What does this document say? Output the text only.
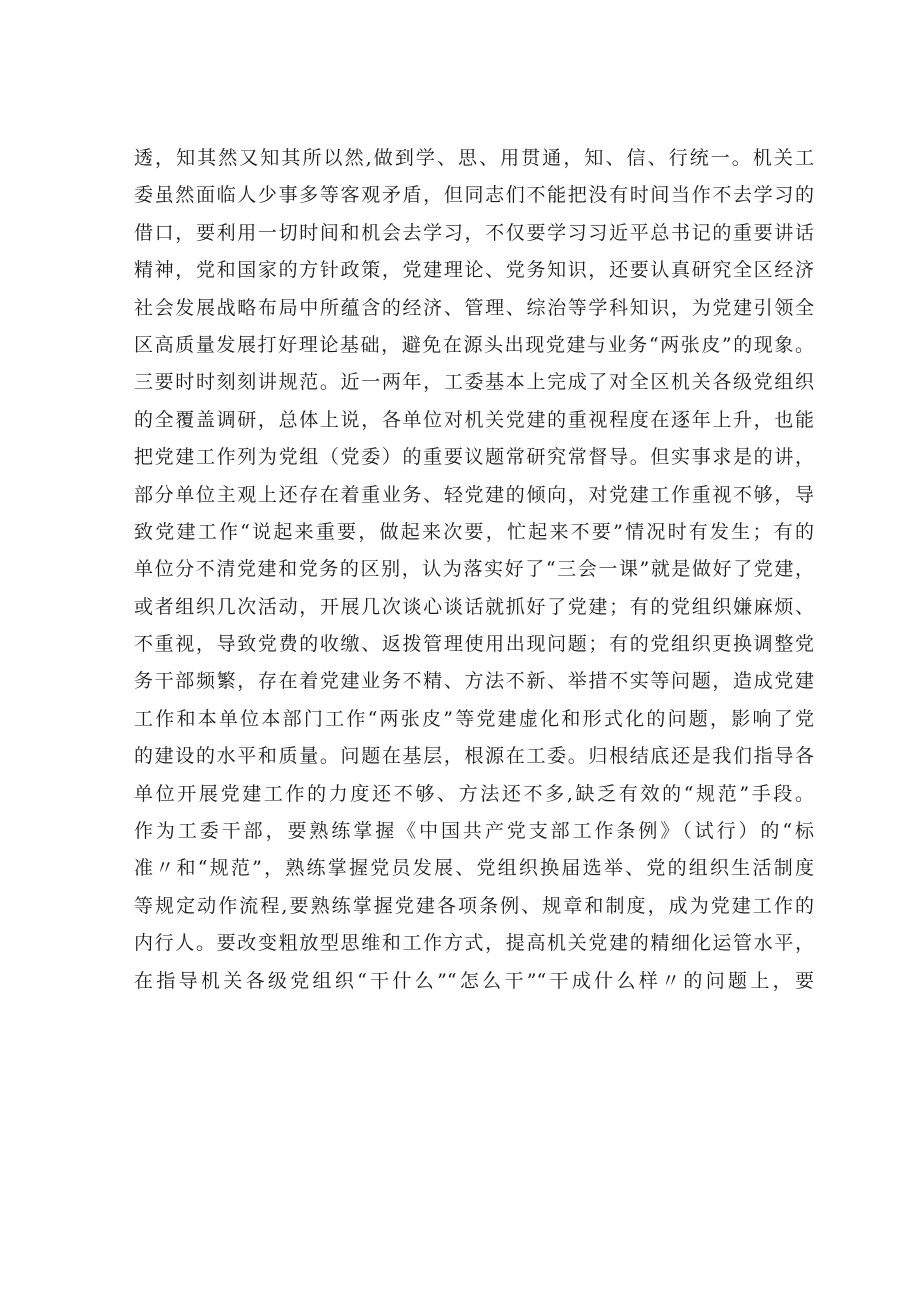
透，知其然又知其所以然,做到学、思、用贯通，知、信、行统一。机关工
委虽然面临人少事多等客观矛盾，但同志们不能把没有时间当作不去学习的
借口，要利用一切时间和机会去学习，不仅要学习习近平总书记的重要讲话
精神，党和国家的方针政策，党建理论、党务知识，还要认真研究全区经济
社会发展战略布局中所蕴含的经济、管理、综治等学科知识，为党建引领全
区高质量发展打好理论基础，避免在源头出现党建与业务“两张皮”的现象。
三要时时刻刻讲规范。近一两年，工委基本上完成了对全区机关各级党组织
的全覆盖调研，总体上说，各单位对机关党建的重视程度在逐年上升，也能
把党建工作列为党组（党委）的重要议题常研究常督导。但实事求是的讲，
部分单位主观上还存在着重业务、轻党建的倾向，对党建工作重视不够，导
致党建工作“说起来重要，做起来次要，忙起来不要”情况时有发生；有的
单位分不清党建和党务的区别，认为落实好了“三会一课”就是做好了党建，
或者组织几次活动，开展几次谈心谈话就抓好了党建；有的党组织嫌麻烦、
不重视，导致党费的收缴、返拨管理使用出现问题；有的党组织更换调整党
务干部频繁，存在着党建业务不精、方法不新、举措不实等问题，造成党建
工作和本单位本部门工作“两张皮”等党建虚化和形式化的问题，影响了党
的建设的水平和质量。问题在基层，根源在工委。归根结底还是我们指导各
单位开展党建工作的力度还不够、方法还不多,缺乏有效的“规范”手段。
作为工委干部，要熟练掌握《中国共产党支部工作条例》（试行）的“标
准〃和“规范”，熟练掌握党员发展、党组织换届选举、党的组织生活制度
等规定动作流程,要熟练掌握党建各项条例、规章和制度，成为党建工作的
内行人。要改变粗放型思维和工作方式，提高机关党建的精细化运管水平，
在指导机关各级党组织“干什么”“怎么干”“干成什么样〃的问题上，要
